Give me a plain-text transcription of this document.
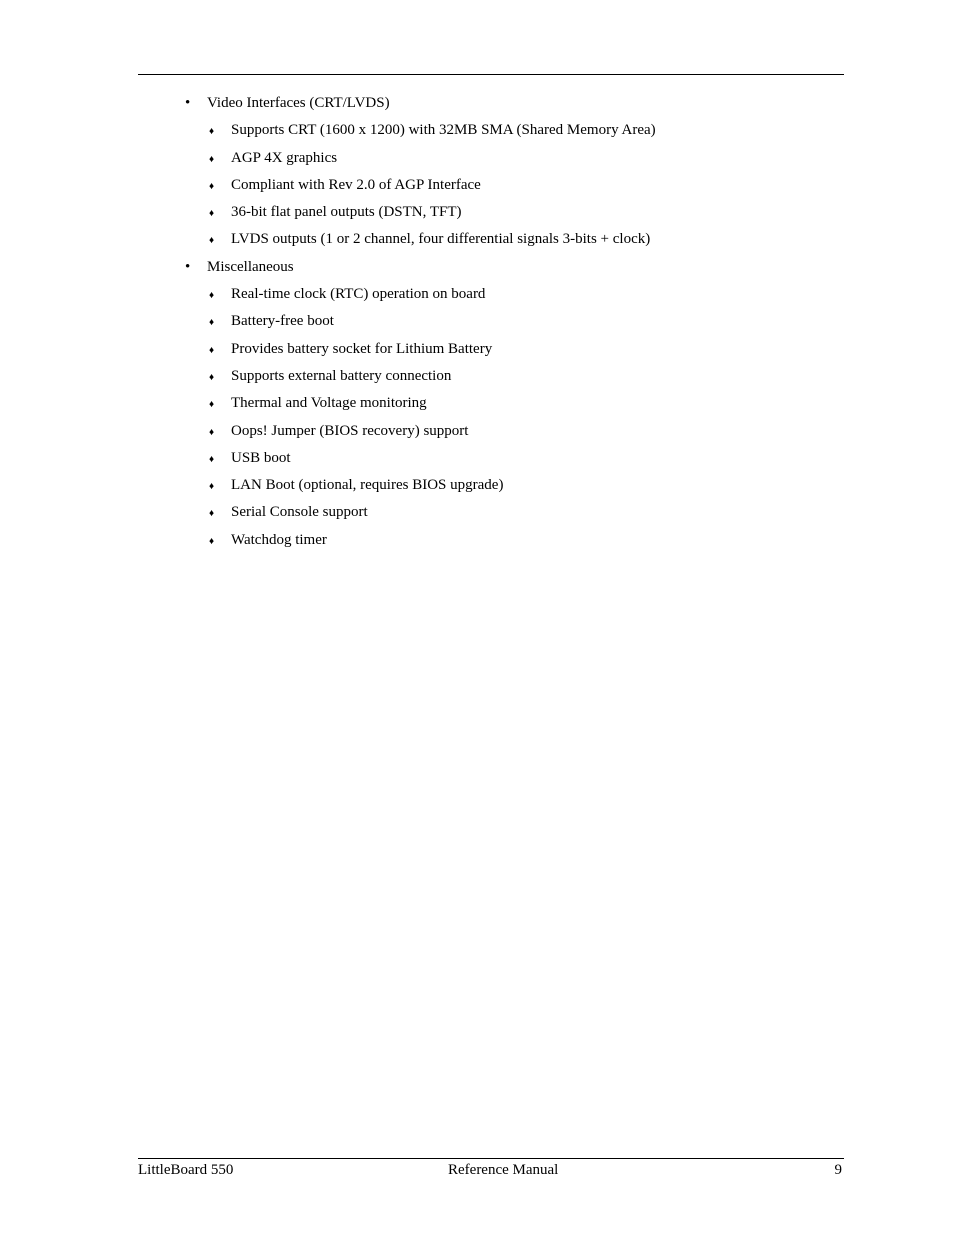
• Video Interfaces (CRT/LVDS)
♦ Supports CRT (1600 x 1200) with 32MB SMA (Shared Memory Area)
♦ AGP 4X graphics
♦ Compliant with Rev 2.0 of AGP Interface
♦ 36-bit flat panel outputs (DSTN, TFT)
♦ LVDS outputs (1 or 2 channel, four differential signals 3-bits + clock)
• Miscellaneous
♦ Real-time clock (RTC) operation on board
♦ Battery-free boot
♦ Provides battery socket for Lithium Battery
♦ Supports external battery connection
♦ Thermal and Voltage monitoring
♦ Oops! Jumper (BIOS recovery) support
♦ USB boot
♦ LAN Boot (optional, requires BIOS upgrade)
♦ Serial Console support
♦ Watchdog timer
LittleBoard 550	Reference Manual	9
